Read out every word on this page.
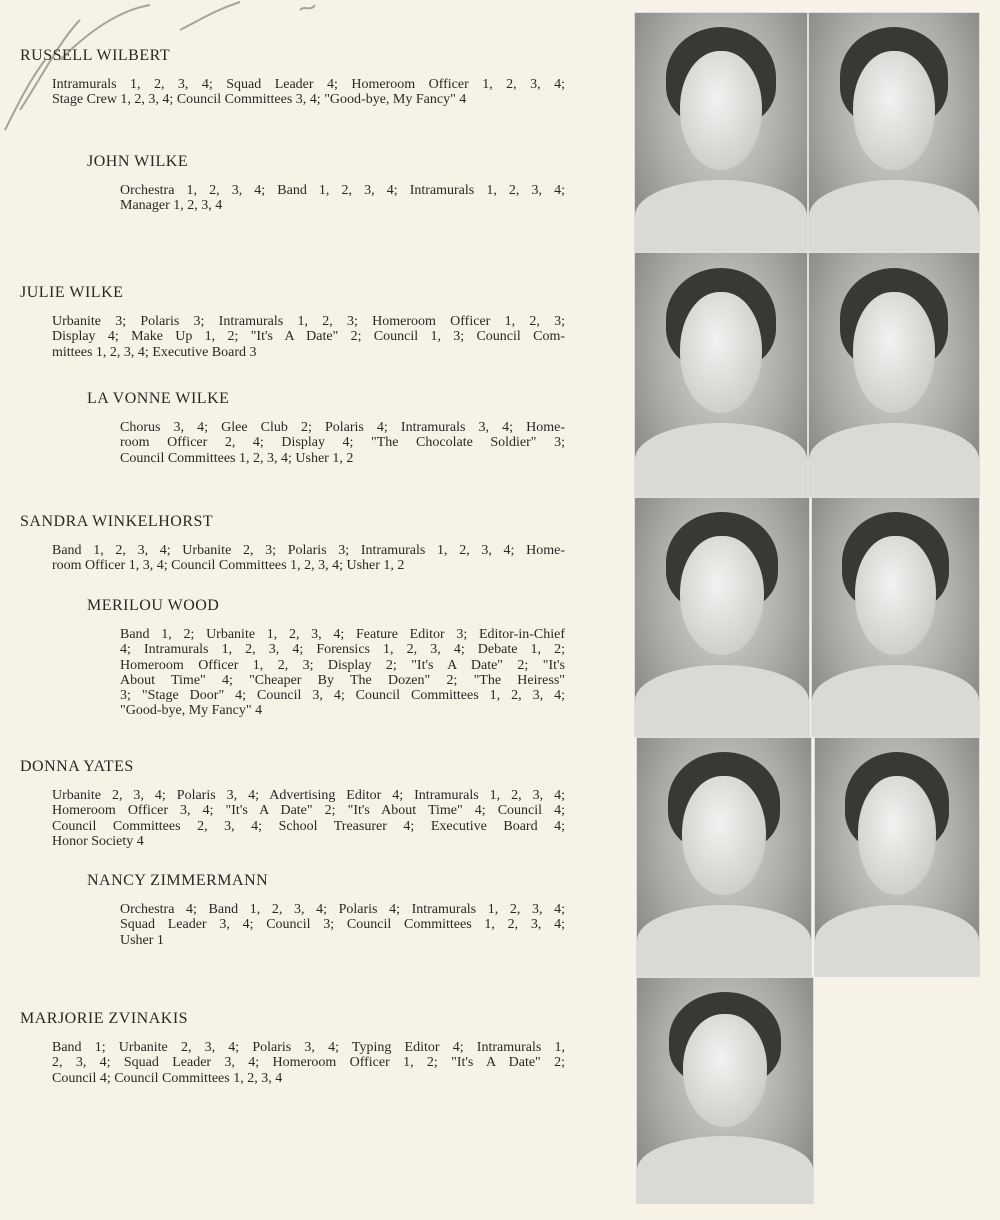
RUSSELL WILBERT
Intramurals 1, 2, 3, 4; Squad Leader 4; Homeroom Officer 1, 2, 3, 4;
Stage Crew 1, 2, 3, 4; Council Committees 3, 4; "Good-bye, My Fancy" 4
JOHN WILKE
Orchestra 1, 2, 3, 4; Band 1, 2, 3, 4; Intramurals 1, 2, 3, 4;
Manager 1, 2, 3, 4
JULIE WILKE
Urbanite 3; Polaris 3; Intramurals 1, 2, 3; Homeroom Officer 1, 2, 3;
Display 4; Make Up 1, 2; "It's A Date" 2; Council 1, 3; Council Com-
mittees 1, 2, 3, 4; Executive Board 3
LA VONNE WILKE
Chorus 3, 4; Glee Club 2; Polaris 4; Intramurals 3, 4; Home-
room Officer 2, 4; Display 4; "The Chocolate Soldier" 3;
Council Committees 1, 2, 3, 4; Usher 1, 2
SANDRA WINKELHORST
Band 1, 2, 3, 4; Urbanite 2, 3; Polaris 3; Intramurals 1, 2, 3, 4; Home-
room Officer 1, 3, 4; Council Committees 1, 2, 3, 4; Usher 1, 2
MERILOU WOOD
Band 1, 2; Urbanite 1, 2, 3, 4; Feature Editor 3; Editor-in-Chief
4; Intramurals 1, 2, 3, 4; Forensics 1, 2, 3, 4; Debate 1, 2;
Homeroom Officer 1, 2, 3; Display 2; "It's A Date" 2; "It's
About Time" 4; "Cheaper By The Dozen" 2; "The Heiress"
3; "Stage Door" 4; Council 3, 4; Council Committees 1, 2, 3, 4;
"Good-bye, My Fancy" 4
DONNA YATES
Urbanite 2, 3, 4; Polaris 3, 4; Advertising Editor 4; Intramurals 1, 2, 3, 4;
Homeroom Officer 3, 4; "It's A Date" 2; "It's About Time" 4; Council 4;
Council Committees 2, 3, 4; School Treasurer 4; Executive Board 4;
Honor Society 4
NANCY ZIMMERMANN
Orchestra 4; Band 1, 2, 3, 4; Polaris 4; Intramurals 1, 2, 3, 4;
Squad Leader 3, 4; Council 3; Council Committees 1, 2, 3, 4;
Usher 1
MARJORIE ZVINAKIS
Band 1; Urbanite 2, 3, 4; Polaris 3, 4; Typing Editor 4; Intramurals 1,
2, 3, 4; Squad Leader 3, 4; Homeroom Officer 1, 2; "It's A Date" 2;
Council 4; Council Committees 1, 2, 3, 4
